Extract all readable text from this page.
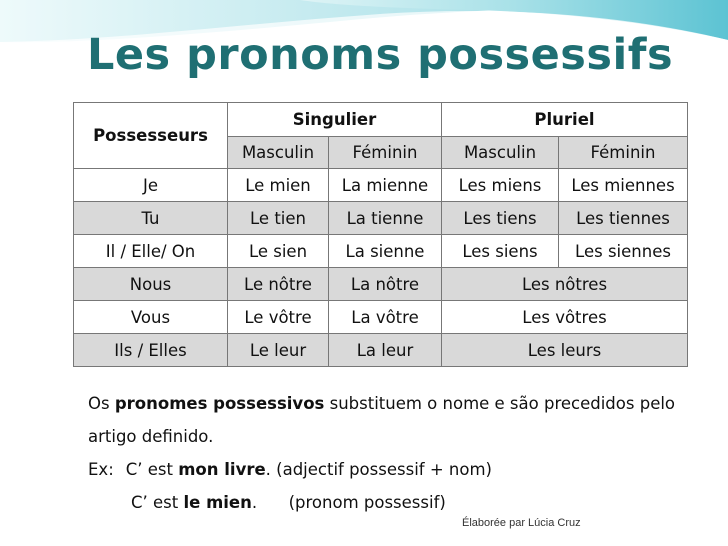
Les pronoms possessifs
Possesseurs	Singulier		Pluriel	
	Masculin	Féminin	Masculin	Féminin
Je	Le mien	La mienne	Les miens	Les miennes
Tu	Le tien	La tienne	Les tiens	Les tiennes
Il / Elle/ On	Le sien	La sienne	Les siens	Les siennes
Nous	Le nôtre	La nôtre	Les nôtres	
Vous	Le vôtre	La vôtre	Les vôtres	
Ils / Elles	Le leur	La leur	Les leurs	
Os pronomes possessivos substituem o nome e são precedidos pelo
artigo definido.
Ex: C’ est mon livre. (adjectif possessif + nom)
C’ est le mien.      (pronom possessif)
Élaborée par Lúcia Cruz
